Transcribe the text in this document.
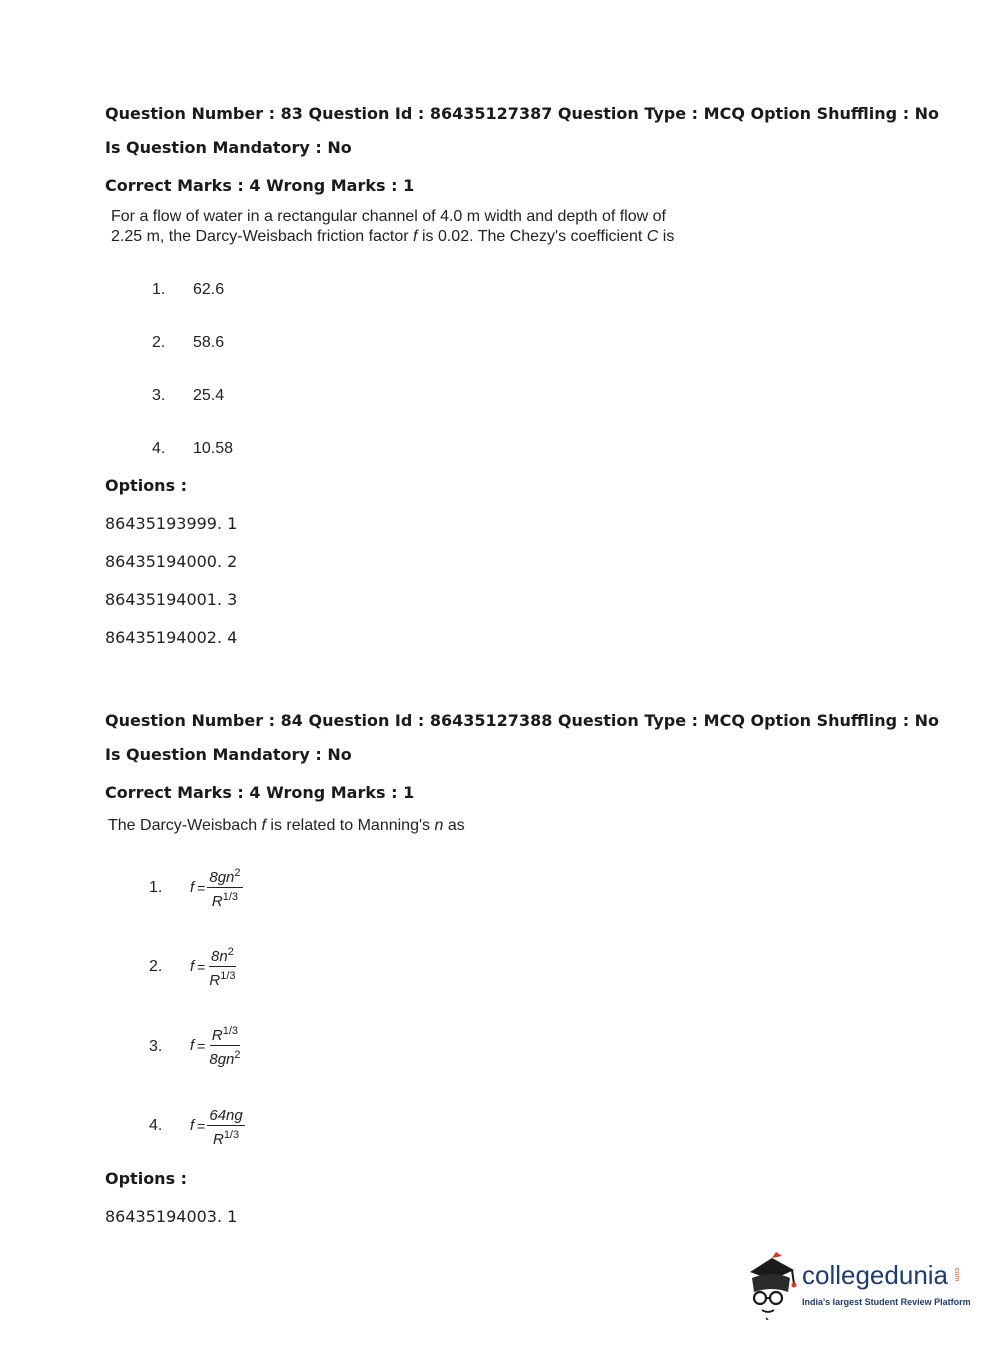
Question Number : 83 Question Id : 86435127387 Question Type : MCQ Option Shuffling : No
Is Question Mandatory : No
Correct Marks : 4 Wrong Marks : 1
For a flow of water in a rectangular channel of 4.0 m width and depth of flow of
2.25 m, the Darcy-Weisbach friction factor f is 0.02. The Chezy's coefficient C is
1. 62.6
2. 58.6
3. 25.4
4. 10.58
Options :
86435193999. 1
86435194000. 2
86435194001. 3
86435194002. 4
Question Number : 84 Question Id : 86435127388 Question Type : MCQ Option Shuffling : No
Is Question Mandatory : No
Correct Marks : 4 Wrong Marks : 1
The Darcy-Weisbach f is related to Manning's n as
1. $f = \frac{8gn^2}{R^{1/3}}$
2. $f = \frac{8n^2}{R^{1/3}}$
3. $f = \frac{R^{1/3}}{8gn^2}$
4. $f = \frac{64ng}{R^{1/3}}$
Options :
86435194003. 1
collegedunia
India's largest Student Review Platform
.com
